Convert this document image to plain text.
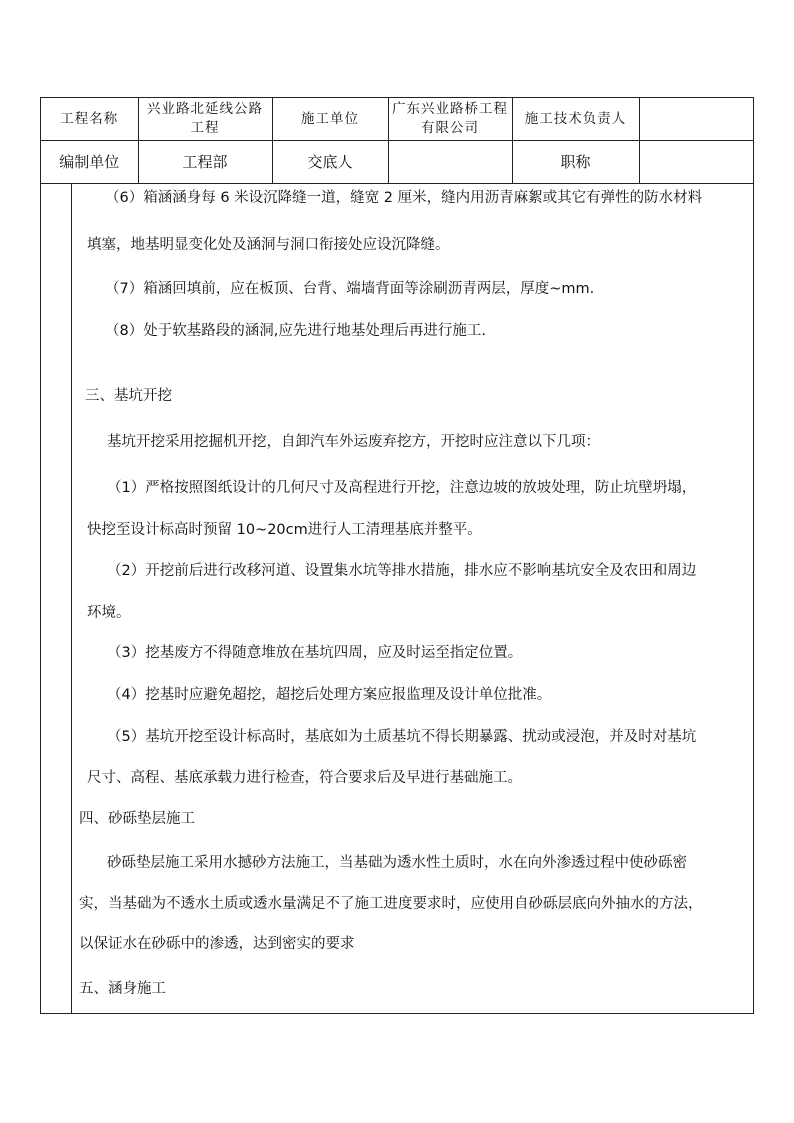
工程名称	兴业路北延线公路工程	施工单位	广东兴业路桥工程有限公司	施工技术负责人	
编制单位	工程部	交底人		职称	
（6）箱涵涵身每 6 米设沉降缝一道，缝宽 2 厘米，缝内用沥青麻絮或其它有弹性的防水材料
填塞，地基明显变化处及涵洞与洞口衔接处应设沉降缝。
（7）箱涵回填前，应在板顶、台背、端墙背面等涂刷沥青两层，厚度~mm.
（8）处于软基路段的涵洞,应先进行地基处理后再进行施工.
三、基坑开挖
基坑开挖采用挖掘机开挖，自卸汽车外运废弃挖方，开挖时应注意以下几项：
（1）严格按照图纸设计的几何尺寸及高程进行开挖，注意边坡的放坡处理，防止坑壁坍塌，
快挖至设计标高时预留 10~20cm进行人工清理基底并整平。
（2）开挖前后进行改移河道、设置集水坑等排水措施，排水应不影响基坑安全及农田和周边
环境。
（3）挖基废方不得随意堆放在基坑四周，应及时运至指定位置。
（4）挖基时应避免超挖，超挖后处理方案应报监理及设计单位批准。
（5）基坑开挖至设计标高时，基底如为土质基坑不得长期暴露、扰动或浸泡，并及时对基坑
尺寸、高程、基底承载力进行检查，符合要求后及早进行基础施工。
四、砂砾垫层施工
砂砾垫层施工采用水撼砂方法施工，当基础为透水性土质时，水在向外渗透过程中使砂砾密
实，当基础为不透水土质或透水量满足不了施工进度要求时，应使用自砂砾层底向外抽水的方法，
以保证水在砂砾中的渗透，达到密实的要求
五、涵身施工
